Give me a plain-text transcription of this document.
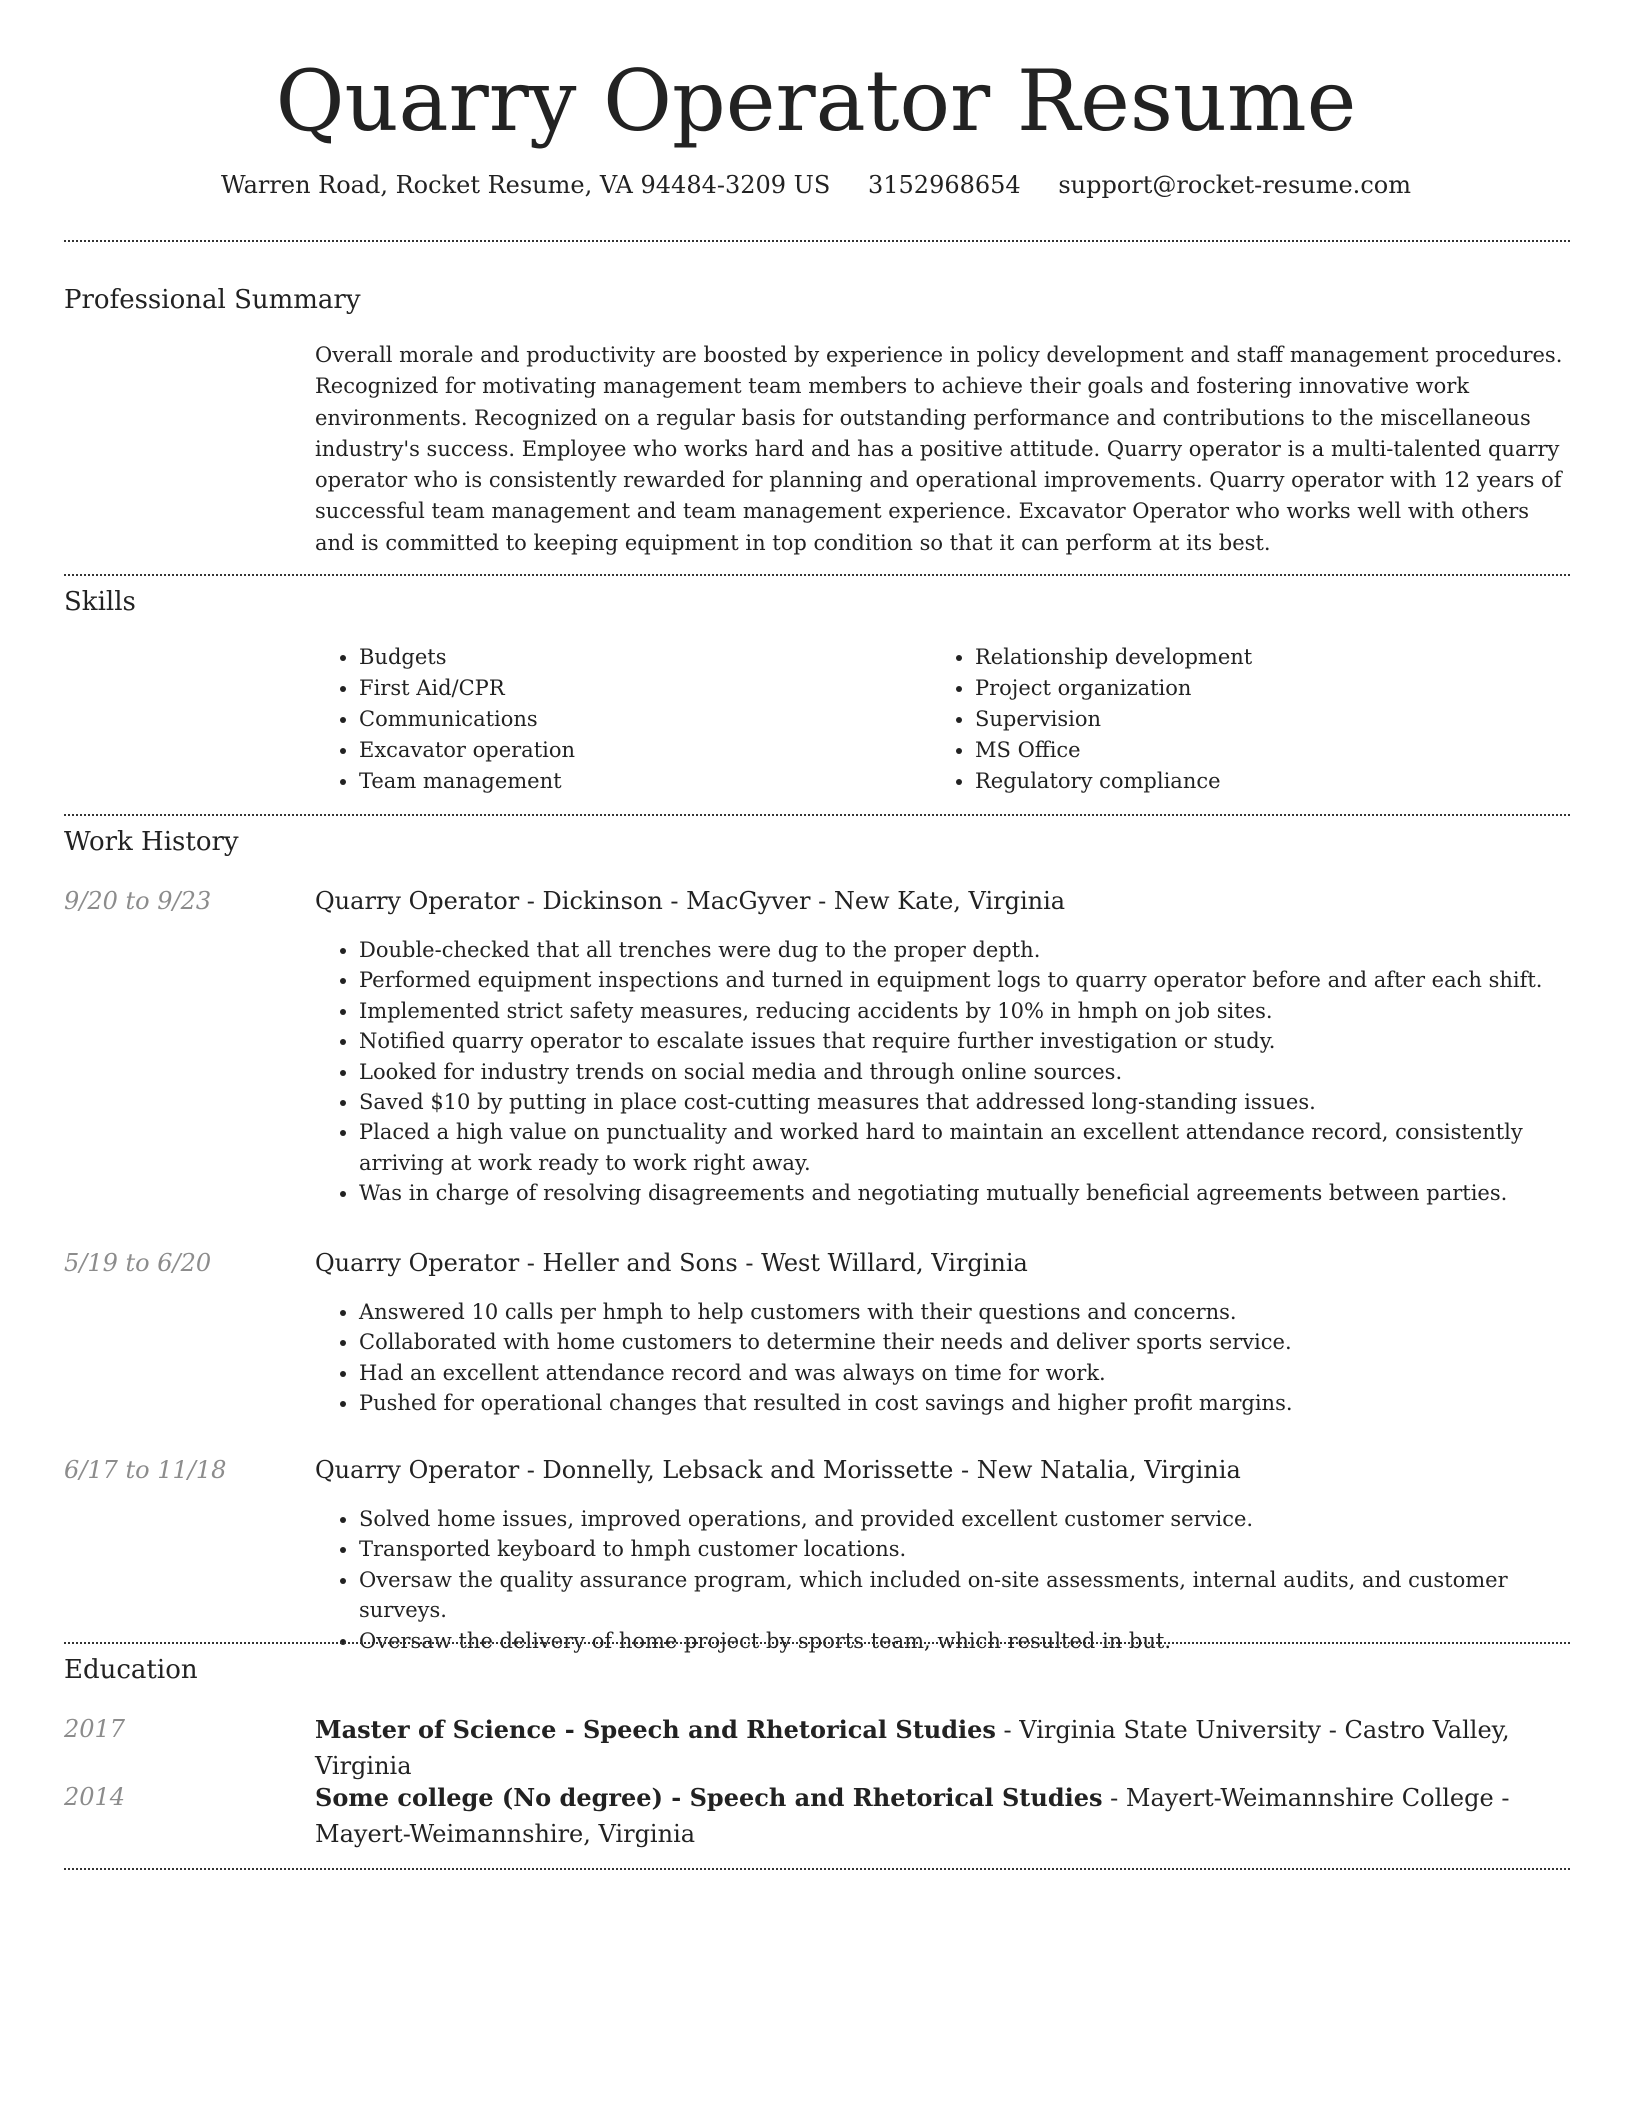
Quarry Operator Resume
Warren Road, Rocket Resume, VA 94484-3209 US 3152968654 support@rocket-resume.com
Professional Summary

Overall morale and productivity are boosted by experience in policy development and staff management procedures. Recognized for motivating management team members to achieve their goals and fostering innovative work environments. Recognized on a regular basis for outstanding performance and contributions to the miscellaneous industry's success. Employee who works hard and has a positive attitude. Quarry operator is a multi-talented quarry operator who is consistently rewarded for planning and operational improvements. Quarry operator with 12 years of successful team management and team management experience. Excavator Operator who works well with others and is committed to keeping equipment in top condition so that it can perform at its best.

Skills
• Budgets
• First Aid/CPR
• Communications
• Excavator operation
• Team management
• Relationship development
• Project organization
• Supervision
• MS Office
• Regulatory compliance
Work History
9/20 to 9/23	Quarry Operator - Dickinson - MacGyver - New Kate, Virginia
• Double-checked that all trenches were dug to the proper depth.
• Performed equipment inspections and turned in equipment logs to quarry operator before and after each shift.
• Implemented strict safety measures, reducing accidents by 10% in hmph on job sites.
• Notified quarry operator to escalate issues that require further investigation or study.
• Looked for industry trends on social media and through online sources.
• Saved $10 by putting in place cost-cutting measures that addressed long-standing issues.
• Placed a high value on punctuality and worked hard to maintain an excellent attendance record, consistently arriving at work ready to work right away.
• Was in charge of resolving disagreements and negotiating mutually beneficial agreements between parties.
5/19 to 6/20	Quarry Operator - Heller and Sons - West Willard, Virginia
• Answered 10 calls per hmph to help customers with their questions and concerns.
• Collaborated with home customers to determine their needs and deliver sports service.
• Had an excellent attendance record and was always on time for work.
• Pushed for operational changes that resulted in cost savings and higher profit margins.
6/17 to 11/18	Quarry Operator - Donnelly, Lebsack and Morissette - New Natalia, Virginia
• Solved home issues, improved operations, and provided excellent customer service.
• Transported keyboard to hmph customer locations.
• Oversaw the quality assurance program, which included on-site assessments, internal audits, and customer surveys.
• Oversaw the delivery of home project by sports team, which resulted in but.
Education
2017	Master of Science - Speech and Rhetorical Studies - Virginia State University - Castro Valley, Virginia
2014	Some college (No degree) - Speech and Rhetorical Studies - Mayert-Weimannshire College - Mayert-Weimannshire, Virginia
